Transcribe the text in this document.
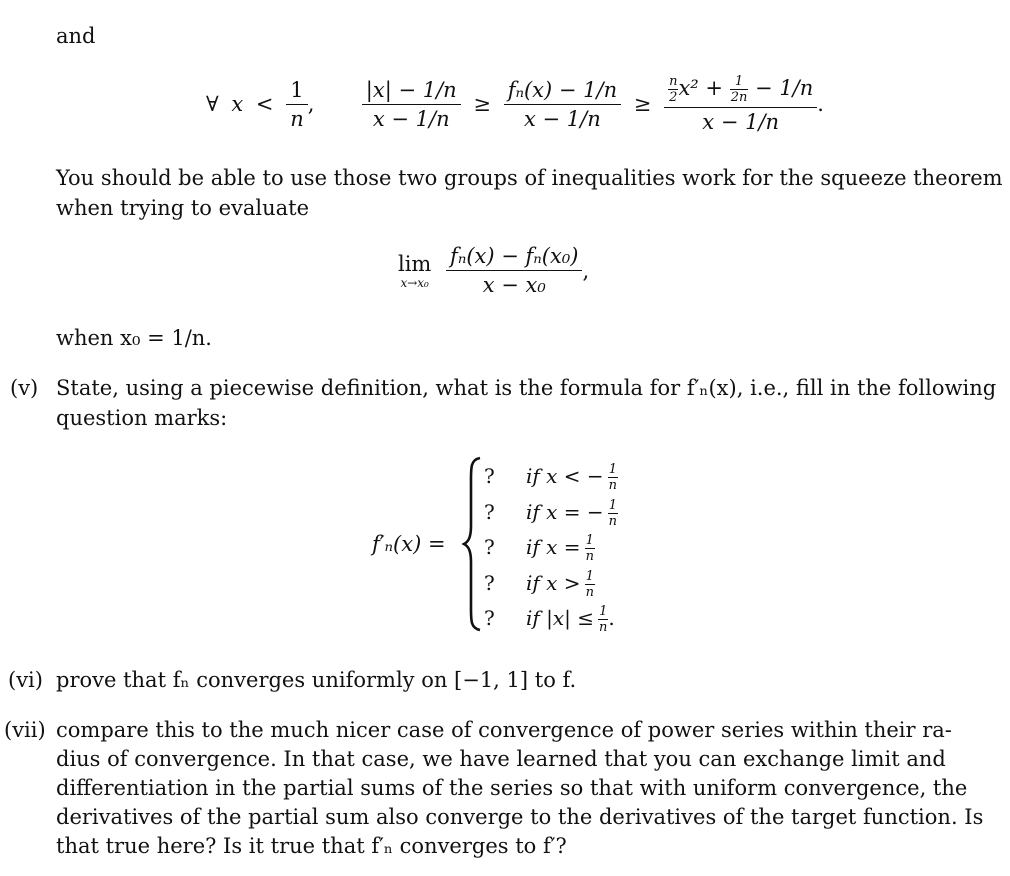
and
∀ $x < \frac{1}{n}$ , $\frac{|x| - 1/n}{x - 1/n} \ge \frac{\text{fₙ(x) − 1/n}}{x - 1/n} \ge \frac{n}{2} x^2 + \frac{1}{2n} - 1/n$
x − 1/n
.
You should be able to use those two groups of inequalities work for the squeeze theorem
when trying to evaluate
lim
x→x₀
$\frac{\text{fₙ(x) − fₙ(x₀)}}{\text{x − x₀}}$ ,
when x₀ = 1/n.
(v) State, using a piecewise definition, what is the formula for f′ₙ(x), i.e., fill in the following
question marks:
f′ₙ(x) =
? if x < − $\frac{1}{n}$
? if x = − $\frac{1}{n}$
? if $x = \frac{1}{n}$
? if $x > \frac{1}{n}$
? if $|x| \le \frac{1}{n}$ .
(vi) prove that fₙ converges uniformly on [−1, 1] to f.
(vii) compare this to the much nicer case of convergence of power series within their ra-
dius of convergence. In that case, we have learned that you can exchange limit and
differentiation in the partial sums of the series so that with uniform convergence, the
derivatives of the partial sum also converge to the derivatives of the target function. Is
that true here? Is it true that f′ₙ converges to f′?
